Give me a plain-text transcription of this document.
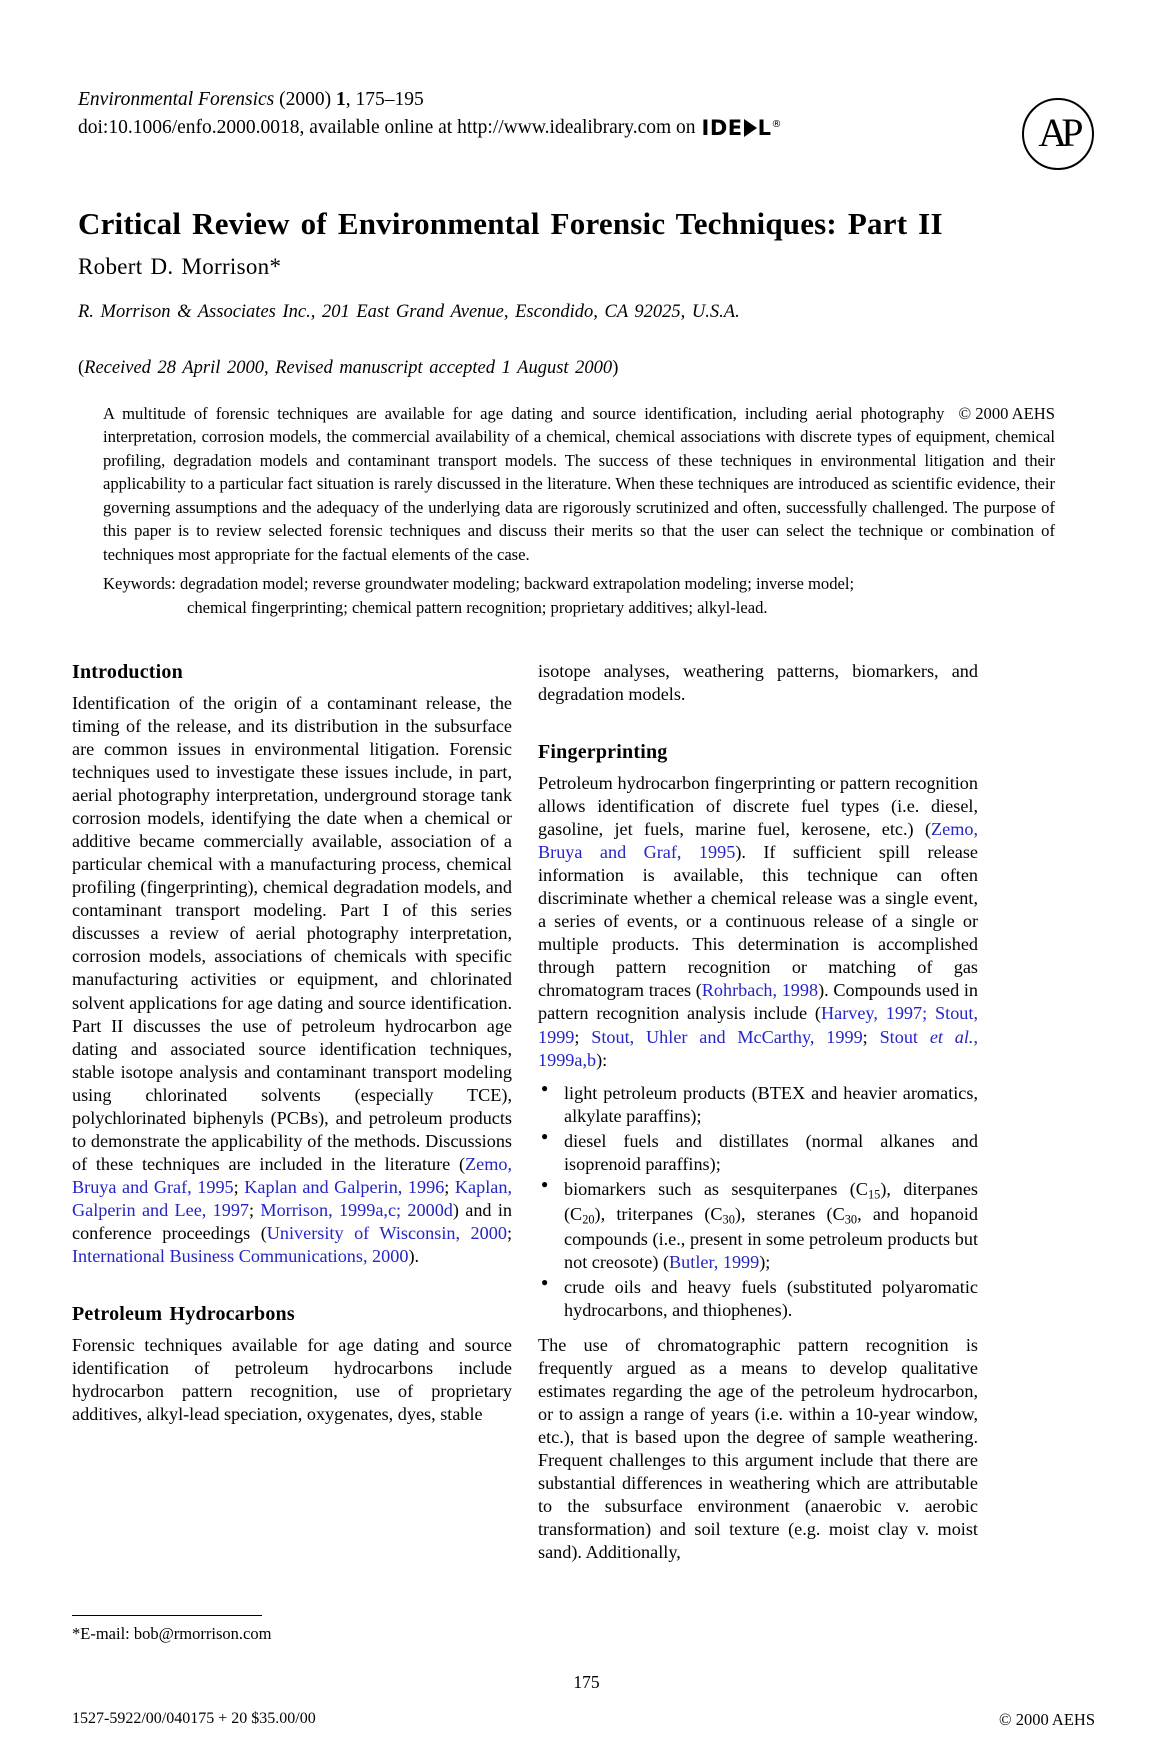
Environmental Forensics (2000) 1, 175–195
doi:10.1006/enfo.2000.0018, available online at http://www.idealibrary.com on IDE L®	AP
Critical Review of Environmental Forensic Techniques: Part II
Robert D. Morrison*
R. Morrison & Associates Inc., 201 East Grand Avenue, Escondido, CA 92025, U.S.A.
(Received 28 April 2000, Revised manuscript accepted 1 August 2000)
© 2000 AEHS
A multitude of forensic techniques are available for age dating and source identification, including aerial photography interpretation, corrosion models, the commercial availability of a chemical, chemical associations with discrete types of equipment, chemical profiling, degradation models and contaminant transport models. The success of these techniques in environmental litigation and their applicability to a particular fact situation is rarely discussed in the literature. When these techniques are introduced as scientific evidence, their governing assumptions and the adequacy of the underlying data are rigorously scrutinized and often, successfully challenged. The purpose of this paper is to review selected forensic techniques and discuss their merits so that the user can select the technique or combination of techniques most appropriate for the factual elements of the case.
Keywords: degradation model; reverse groundwater modeling; backward extrapolation modeling; inverse model;
chemical fingerprinting; chemical pattern recognition; proprietary additives; alkyl-lead.
Introduction

Identification of the origin of a contaminant release, the timing of the release, and its distribution in the subsurface are common issues in environmental litigation. Forensic techniques used to investigate these issues include, in part, aerial photography interpretation, underground storage tank corrosion models, identifying the date when a chemical or additive became commercially available, association of a particular chemical with a manufacturing process, chemical profiling (fingerprinting), chemical degradation models, and contaminant transport modeling. Part I of this series discusses a review of aerial photography interpretation, corrosion models, associations of chemicals with specific manufacturing activities or equipment, and chlorinated solvent applications for age dating and source identification. Part II discusses the use of petroleum hydrocarbon age dating and associated source identification techniques, stable isotope analysis and contaminant transport modeling using chlorinated solvents (especially TCE), polychlorinated biphenyls (PCBs), and petroleum products to demonstrate the applicability of the methods. Discussions of these techniques are included in the literature (Zemo, Bruya and Graf, 1995; Kaplan and Galperin, 1996; Kaplan, Galperin and Lee, 1997; Morrison, 1999a,c; 2000d) and in conference proceedings (University of Wisconsin, 2000; International Business Communications, 2000).

Petroleum Hydrocarbons

Forensic techniques available for age dating and source identification of petroleum hydrocarbons include hydrocarbon pattern recognition, use of proprietary additives, alkyl-lead speciation, oxygenates, dyes, stable

isotope analyses, weathering patterns, biomarkers, and degradation models.

Fingerprinting

Petroleum hydrocarbon fingerprinting or pattern recognition allows identification of discrete fuel types (i.e. diesel, gasoline, jet fuels, marine fuel, kerosene, etc.) (Zemo, Bruya and Graf, 1995). If sufficient spill release information is available, this technique can often discriminate whether a chemical release was a single event, a series of events, or a continuous release of a single or multiple products. This determination is accomplished through pattern recognition or matching of gas chromatogram traces (Rohrbach, 1998). Compounds used in pattern recognition analysis include (Harvey, 1997; Stout, 1999; Stout, Uhler and McCarthy, 1999; Stout et al., 1999a,b):

● light petroleum products (BTEX and heavier aromatics, alkylate paraffins);
● diesel fuels and distillates (normal alkanes and isoprenoid paraffins);
● biomarkers such as sesquiterpanes $(C_{15})$, diterpanes $(C_{20})$, triterpanes $(C_{30})$, steranes ($C_{30}$, and hopanoid compounds (i.e., present in some petroleum products but not creosote) (Butler, 1999);
● crude oils and heavy fuels (substituted polyaromatic hydrocarbons, and thiophenes).

The use of chromatographic pattern recognition is frequently argued as a means to develop qualitative estimates regarding the age of the petroleum hydrocarbon, or to assign a range of years (i.e. within a 10-year window, etc.), that is based upon the degree of sample weathering. Frequent challenges to this argument include that there are substantial differences in weathering which are attributable to the subsurface environment (anaerobic v. aerobic transformation) and soil texture (e.g. moist clay v. moist sand). Additionally,

*E-mail: bob@rmorrison.com
175
1527-5922/00/040175 + 20 $35.00/00	© 2000 AEHS
